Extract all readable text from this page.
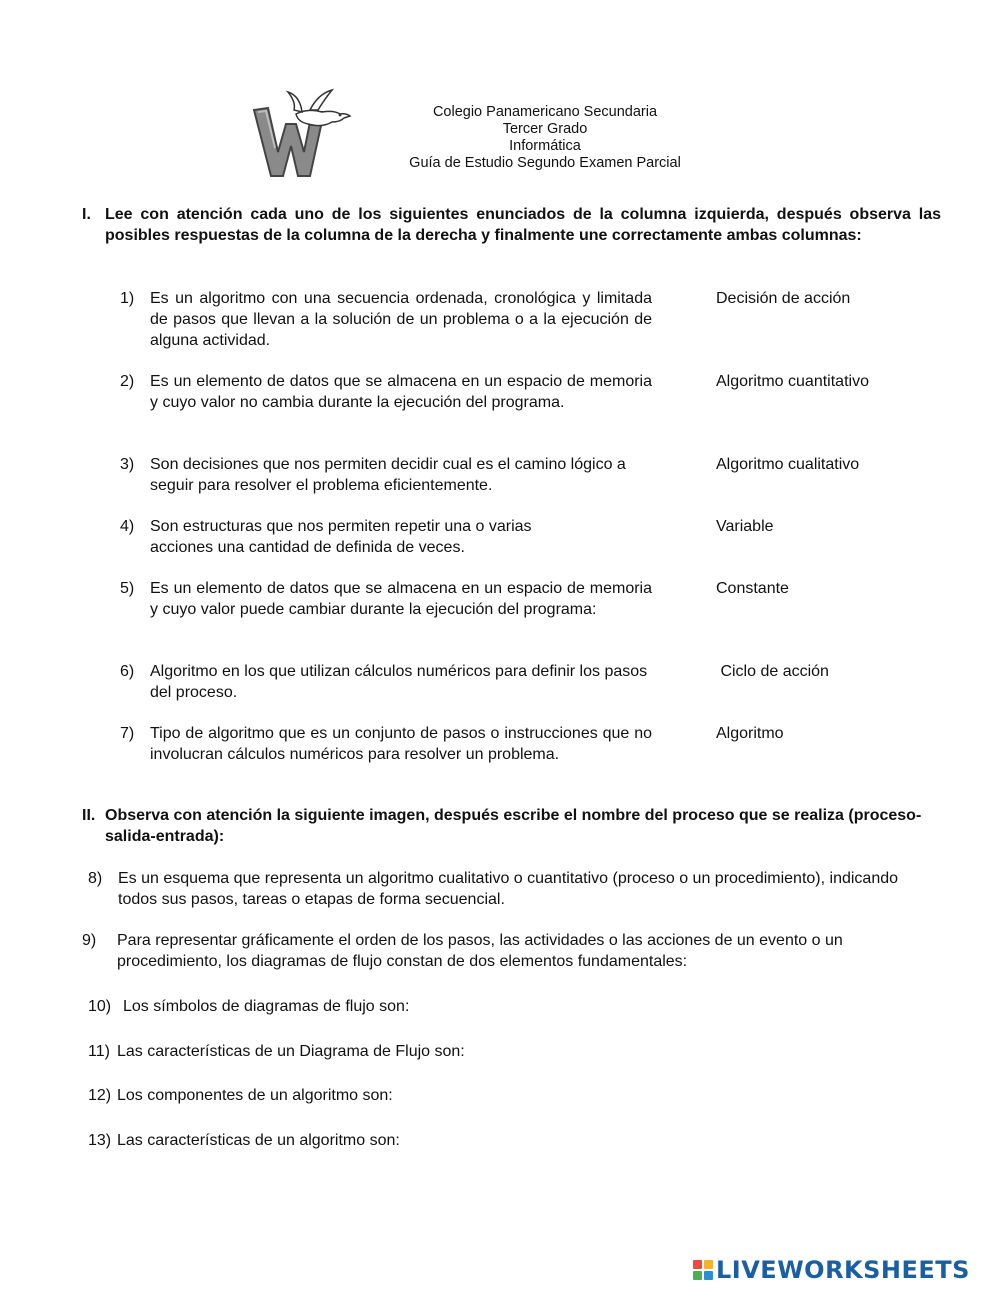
Colegio Panamericano Secundaria
Tercer Grado
Informática
Guía de Estudio Segundo Examen Parcial
I. Lee con atención cada uno de los siguientes enunciados de la columna izquierda, después observa las posibles respuestas de la columna de la derecha y finalmente une correctamente ambas columnas:
1) Es un algoritmo con una secuencia ordenada, cronológica y limitada de pasos que llevan a la solución de un problema o a la ejecución de alguna actividad.
2) Es un elemento de datos que se almacena en un espacio de memoria y cuyo valor no cambia durante la ejecución del programa.
3) Son decisiones que nos permiten decidir cual es el camino lógico a seguir para resolver el problema eficientemente.
4) Son estructuras que nos permiten repetir una o varias acciones una cantidad de definida de veces.
5) Es un elemento de datos que se almacena en un espacio de memoria y cuyo valor puede cambiar durante la ejecución del programa:
6) Algoritmo en los que utilizan cálculos numéricos para definir los pasos del proceso.
7) Tipo de algoritmo que es un conjunto de pasos o instrucciones que no involucran cálculos numéricos para resolver un problema.
Decisión de acción
Algoritmo cuantitativo
Algoritmo cualitativo
Variable
Constante
Ciclo de acción
Algoritmo
II. Observa con atención la siguiente imagen, después escribe el nombre del proceso que se realiza (proceso-salida-entrada):
8) Es un esquema que representa un algoritmo cualitativo o cuantitativo (proceso o un procedimiento), indicando todos sus pasos, tareas o etapas de forma secuencial.
9) Para representar gráficamente el orden de los pasos, las actividades o las acciones de un evento o un procedimiento, los diagramas de flujo constan de dos elementos fundamentales:
10) Los símbolos de diagramas de flujo son:
11) Las características de un Diagrama de Flujo son:
12) Los componentes de un algoritmo son:
13) Las características de un algoritmo son:
LIVEWORKSHEETS
